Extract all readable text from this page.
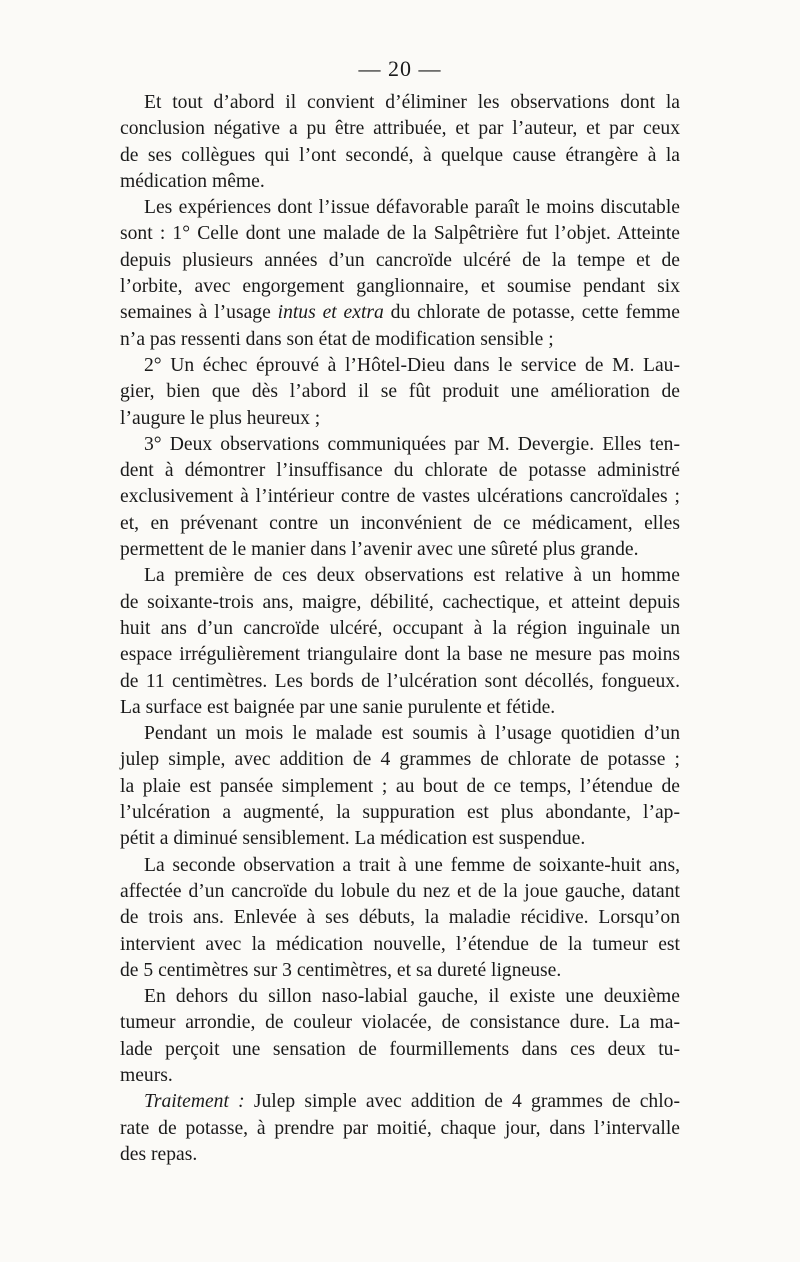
— 20 —

Et tout d’abord il convient d’éliminer les observations dont la
conclusion négative a pu être attribuée, et par l’auteur, et par ceux
de ses collègues qui l’ont secondé, à quelque cause étrangère à la
médication même.

Les expériences dont l’issue défavorable paraît le moins discutable
sont : 1° Celle dont une malade de la Salpêtrière fut l’objet. Atteinte
depuis plusieurs années d’un cancroïde ulcéré de la tempe et de
l’orbite, avec engorgement ganglionnaire, et soumise pendant six
semaines à l’usage intus et extra du chlorate de potasse, cette femme
n’a pas ressenti dans son état de modification sensible ;

2° Un échec éprouvé à l’Hôtel-Dieu dans le service de M. Lau-
gier, bien que dès l’abord il se fût produit une amélioration de
l’augure le plus heureux ;

3° Deux observations communiquées par M. Devergie. Elles ten-
dent à démontrer l’insuffisance du chlorate de potasse administré
exclusivement à l’intérieur contre de vastes ulcérations cancroïdales ;
et, en prévenant contre un inconvénient de ce médicament, elles
permettent de le manier dans l’avenir avec une sûreté plus grande.

La première de ces deux observations est relative à un homme
de soixante-trois ans, maigre, débilité, cachectique, et atteint depuis
huit ans d’un cancroïde ulcéré, occupant à la région inguinale un
espace irrégulièrement triangulaire dont la base ne mesure pas moins
de 11 centimètres. Les bords de l’ulcération sont décollés, fongueux.
La surface est baignée par une sanie purulente et fétide.

Pendant un mois le malade est soumis à l’usage quotidien d’un
julep simple, avec addition de 4 grammes de chlorate de potasse ;
la plaie est pansée simplement ; au bout de ce temps, l’étendue de
l’ulcération a augmenté, la suppuration est plus abondante, l’ap-
pétit a diminué sensiblement. La médication est suspendue.

La seconde observation a trait à une femme de soixante-huit ans,
affectée d’un cancroïde du lobule du nez et de la joue gauche, datant
de trois ans. Enlevée à ses débuts, la maladie récidive. Lorsqu’on
intervient avec la médication nouvelle, l’étendue de la tumeur est
de 5 centimètres sur 3 centimètres, et sa dureté ligneuse.

En dehors du sillon naso-labial gauche, il existe une deuxième
tumeur arrondie, de couleur violacée, de consistance dure. La ma-
lade perçoit une sensation de fourmillements dans ces deux tu-
meurs.

Traitement : Julep simple avec addition de 4 grammes de chlo-
rate de potasse, à prendre par moitié, chaque jour, dans l’intervalle
des repas.
